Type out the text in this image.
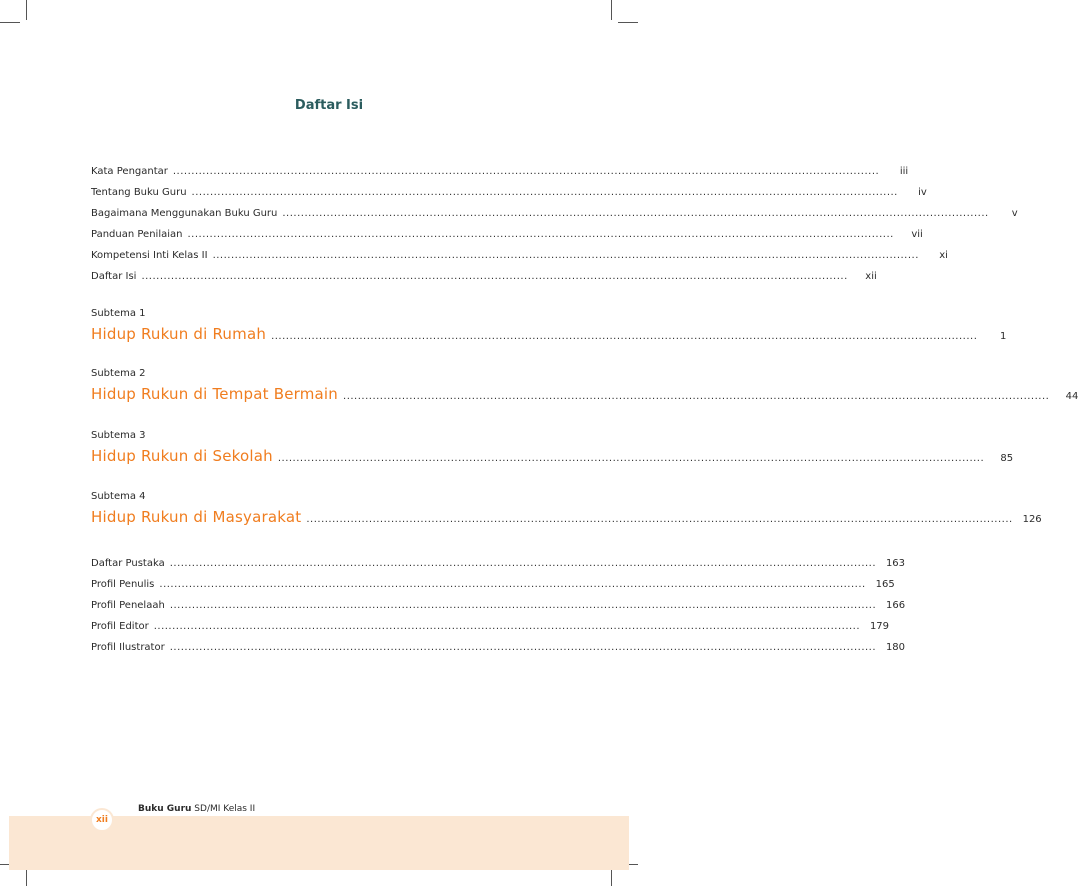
Daftar Isi
Kata Pengantar ................................................................................................................................................................................................	iii
Tentang Buku Guru ................................................................................................................................................................................................	iv
Bagaimana Menggunakan Buku Guru ................................................................................................................................................................................................	v
Panduan Penilaian ................................................................................................................................................................................................	vii
Kompetensi Inti Kelas II ................................................................................................................................................................................................	xi
Daftar Isi ................................................................................................................................................................................................	xii
Subtema 1
Hidup Rukun di Rumah ................................................................................................................................................................................................	1
Subtema 2
Hidup Rukun di Tempat Bermain ................................................................................................................................................................................................	44
Subtema 3
Hidup Rukun di Sekolah ................................................................................................................................................................................................	85
Subtema 4
Hidup Rukun di Masyarakat ................................................................................................................................................................................................ 126
Daftar Pustaka ................................................................................................................................................................................................ 163
Profil Penulis ................................................................................................................................................................................................ 165
Profil Penelaah ................................................................................................................................................................................................ 166
Profil Editor ................................................................................................................................................................................................ 179
Profil Ilustrator ................................................................................................................................................................................................ 180
xii
Buku Guru SD/MI Kelas II
